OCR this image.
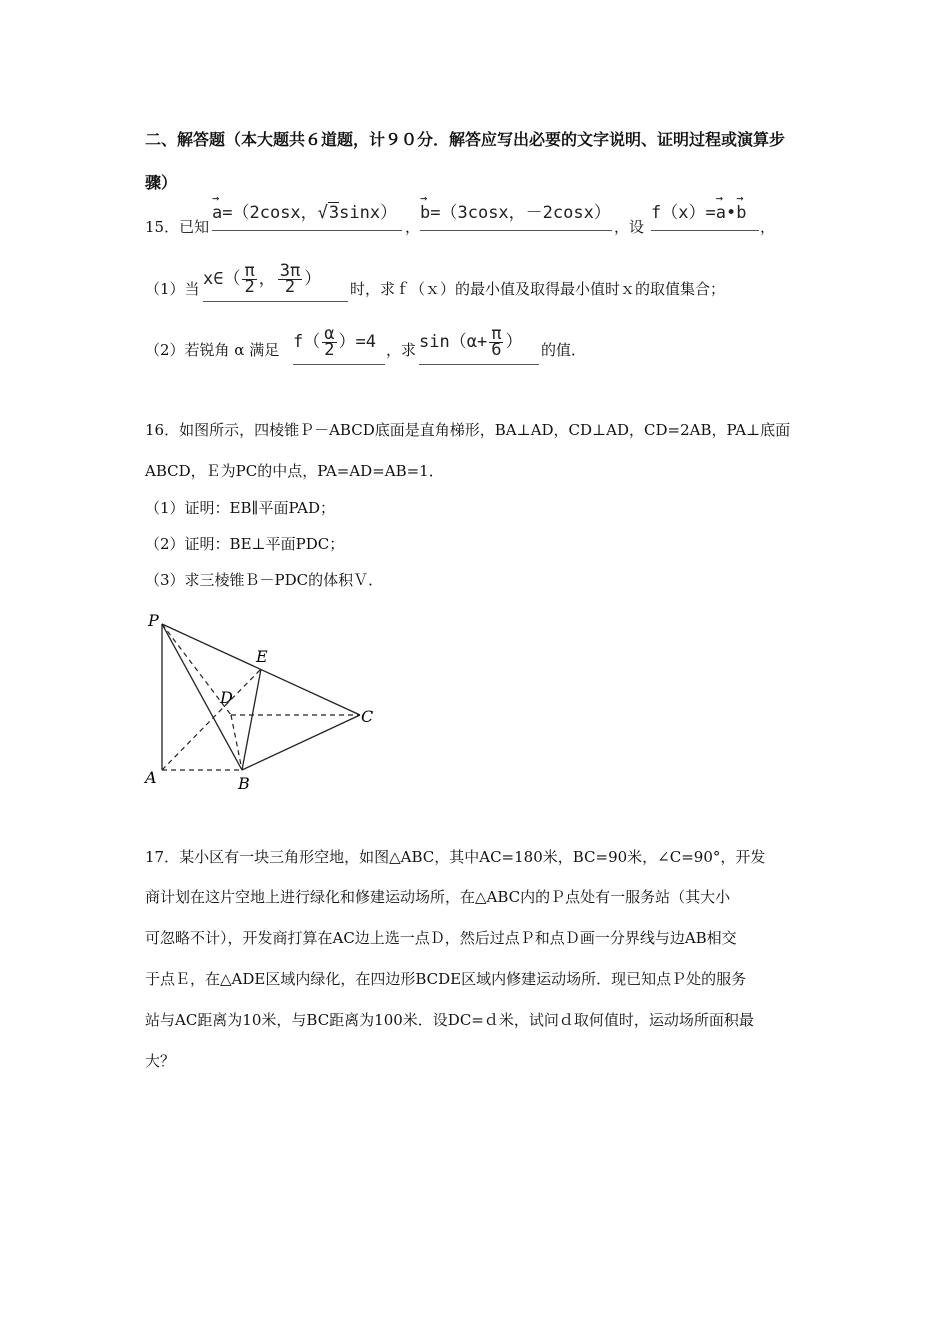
二、解答题（本大题共６道题，计９０分．解答应写出必要的文字说明、证明过程或演算步
骤）
15．已知
→ a=（2cosx，√3sinx）
，
→ b=（3cosx，－2cosx）
，设
f（x）=→ a•→ b
，
（1）当 x∈（ $\frac{\pi}{2}$ ， $\frac{3\pi}{2}$ ）	时，求ｆ（ｘ）的最小值及取得最小值时ｘ的取值集合；
（2）若锐角 α 满足 $f( \frac{\alpha}{2} )=4$ ，求 $\sin(\alpha+ \frac{\pi}{6}$ ）	的值．
16．如图所示，四棱锥Ｐ－ABCD底面是直角梯形，BA⊥AD，CD⊥AD，CD=2AB，PA⊥底面
ABCD，Ｅ为PC的中点，PA=AD=AB=1．
（1）证明：EB∥平面PAD；
（2）证明：BE⊥平面PDC；
（3）求三棱锥Ｂ－PDC的体积Ｖ．
P
E
D
C
A	B
17．某小区有一块三角形空地，如图△ABC，其中AC=180米，BC=90米，∠C=90°，开发
商计划在这片空地上进行绿化和修建运动场所，在△ABC内的Ｐ点处有一服务站（其大小
可忽略不计），开发商打算在AC边上选一点Ｄ，然后过点Ｐ和点Ｄ画一分界线与边AB相交
于点Ｅ，在△ADE区域内绿化，在四边形BCDE区域内修建运动场所．现已知点Ｐ处的服务
站与AC距离为10米，与BC距离为100米．设DC=ｄ米，试问ｄ取何值时，运动场所面积最
大？
